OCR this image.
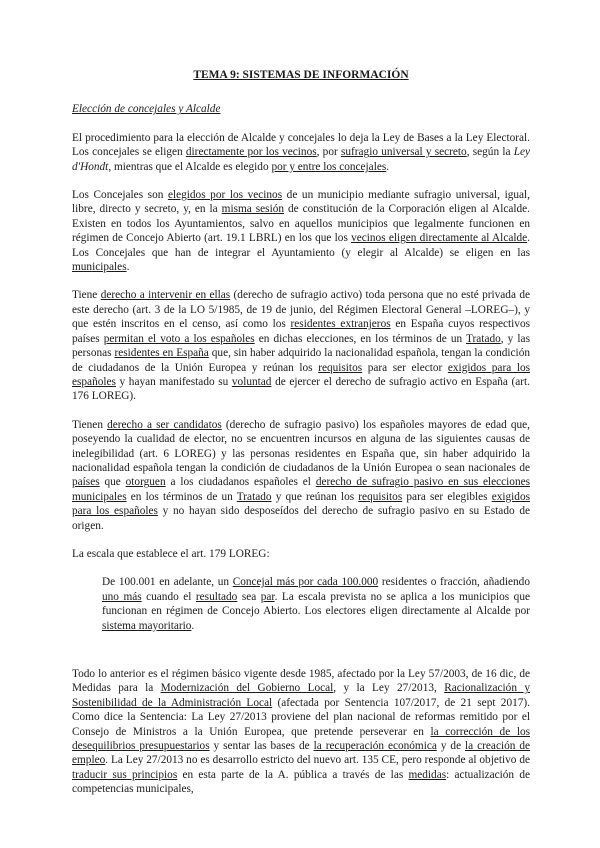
TEMA 9: SISTEMAS DE INFORMACIÓN
Elección de concejales y Alcalde

El procedimiento para la elección de Alcalde y concejales lo deja la Ley de Bases a la Ley Electoral. Los concejales se eligen directamente por los vecinos, por sufragio universal y secreto, según la Ley d'Hondt, mientras que el Alcalde es elegido por y entre los concejales.

Los Concejales son elegidos por los vecinos de un municipio mediante sufragio universal, igual, libre, directo y secreto, y, en la misma sesión de constitución de la Corporación eligen al Alcalde. Existen en todos los Ayuntamientos, salvo en aquellos municipios que legalmente funcionen en régimen de Concejo Abierto (art. 19.1 LBRL) en los que los vecinos eligen directamente al Alcalde. Los Concejales que han de integrar el Ayuntamiento (y elegir al Alcalde) se eligen en las municipales.

Tiene derecho a intervenir en ellas (derecho de sufragio activo) toda persona que no esté privada de este derecho (art. 3 de la LO 5/1985, de 19 de junio, del Régimen Electoral General –LOREG–), y que estén inscritos en el censo, así como los residentes extranjeros en España cuyos respectivos países permitan el voto a los españoles en dichas elecciones, en los términos de un Tratado, y las personas residentes en España que, sin haber adquirido la nacionalidad española, tengan la condición de ciudadanos de la Unión Europea y reúnan los requisitos para ser elector exigidos para los españoles y hayan manifestado su voluntad de ejercer el derecho de sufragio activo en España (art. 176 LOREG).

Tienen derecho a ser candidatos (derecho de sufragio pasivo) los españoles mayores de edad que, poseyendo la cualidad de elector, no se encuentren incursos en alguna de las siguientes causas de inelegibilidad (art. 6 LOREG) y las personas residentes en España que, sin haber adquirido la nacionalidad española tengan la condición de ciudadanos de la Unión Europea o sean nacionales de países que otorguen a los ciudadanos españoles el derecho de sufragio pasivo en sus elecciones municipales en los términos de un Tratado y que reúnan los requisitos para ser elegibles exigidos para los españoles y no hayan sido desposeídos del derecho de sufragio pasivo en su Estado de origen.

La escala que establece el art. 179 LOREG:

De 100.001 en adelante, un Concejal más por cada 100.000 residentes o fracción, añadiendo uno más cuando el resultado sea par. La escala prevista no se aplica a los municipios que funcionan en régimen de Concejo Abierto. Los electores eligen directamente al Alcalde por sistema mayoritario.

Todo lo anterior es el régimen básico vigente desde 1985, afectado por la Ley 57/2003, de 16 dic, de Medidas para la Modernización del Gobierno Local, y la Ley 27/2013, Racionalización y Sostenibilidad de la Administración Local (afectada por Sentencia 107/2017, de 21 sept 2017). Como dice la Sentencia: La Ley 27/2013 proviene del plan nacional de reformas remitido por el Consejo de Ministros a la Unión Europea, que pretende perseverar en la corrección de los desequilibrios presupuestarios y sentar las bases de la recuperación económica y de la creación de empleo. La Ley 27/2013 no es desarrollo estricto del nuevo art. 135 CE, pero responde al objetivo de traducir sus principios en esta parte de la A. pública a través de las medidas: actualización de competencias municipales,
